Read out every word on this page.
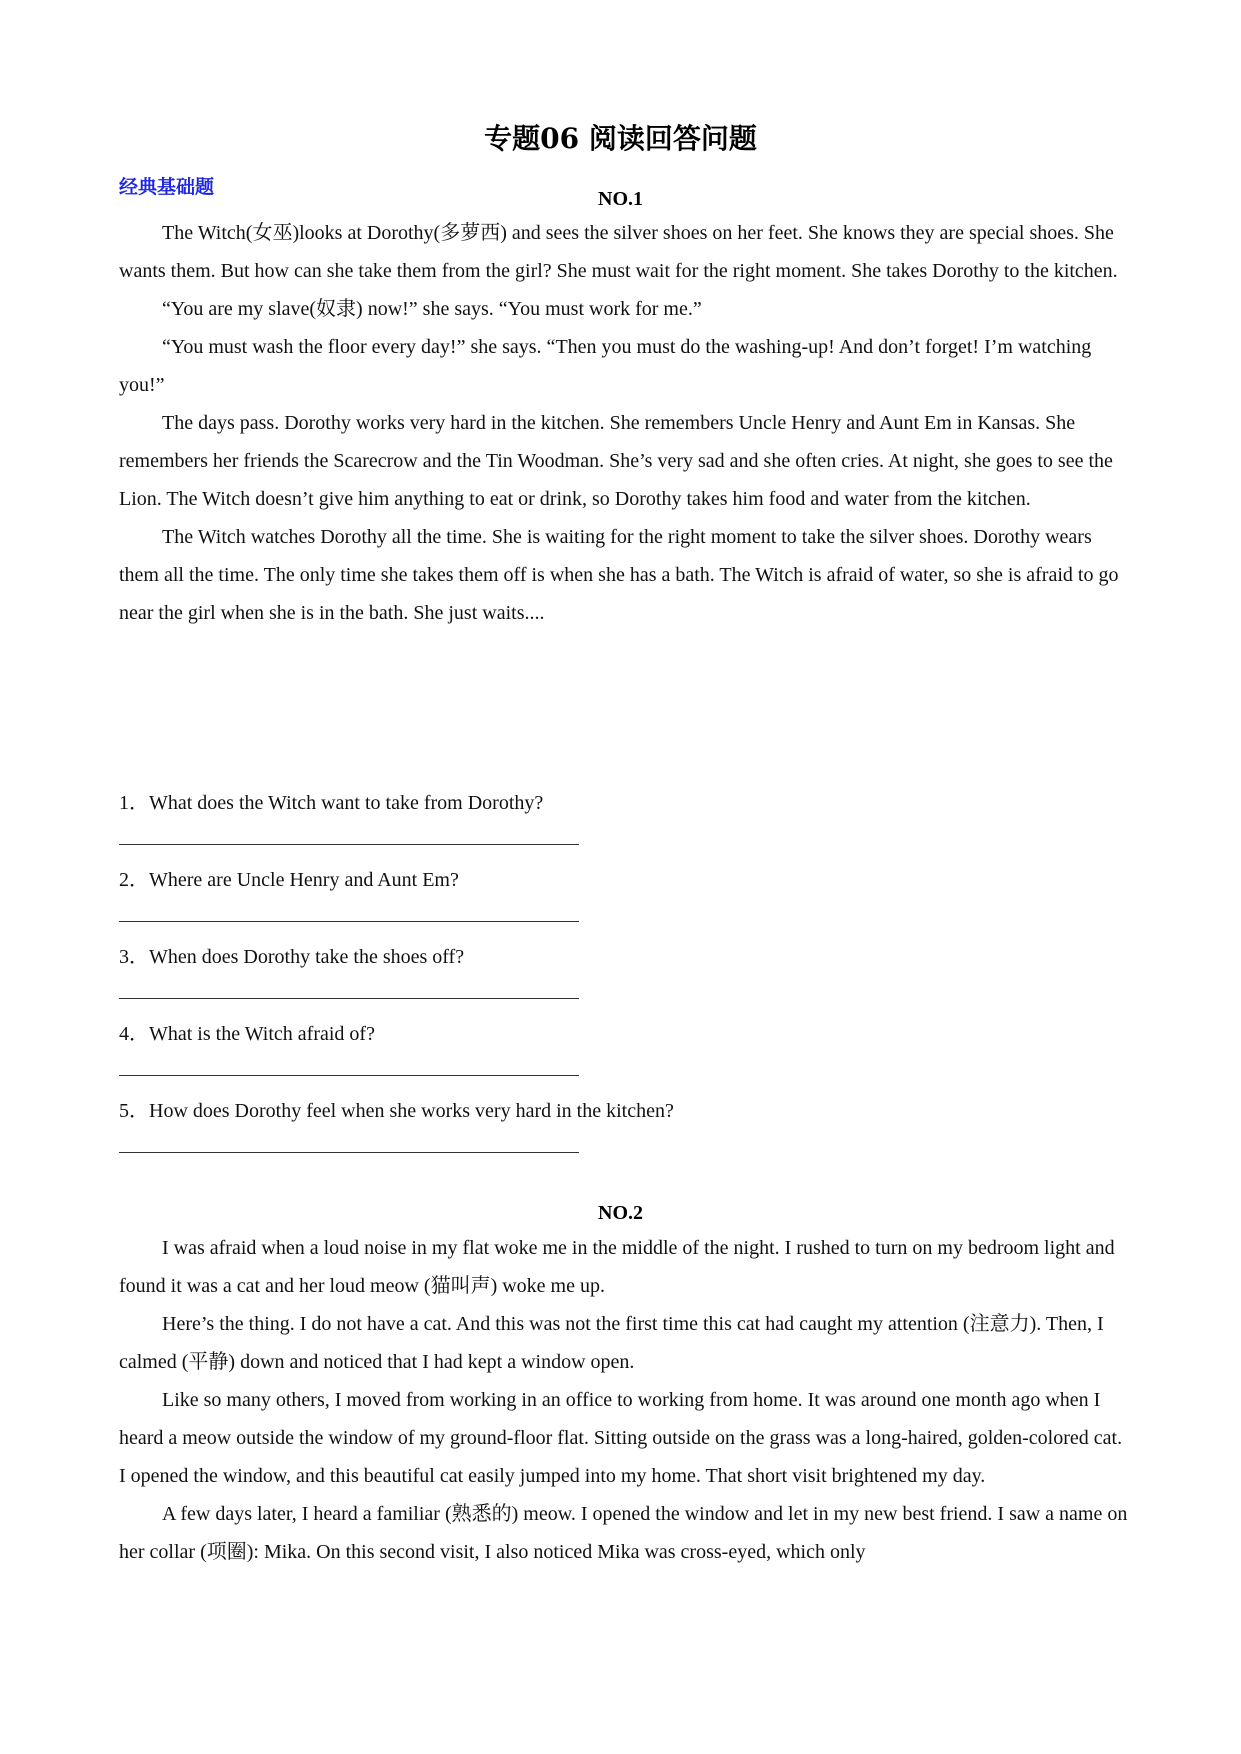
专题06 阅读回答问题
经典基础题
NO.1

The Witch(女巫)looks at Dorothy(多萝西) and sees the silver shoes on her feet. She knows they are special shoes. She wants them. But how can she take them from the girl? She must wait for the right moment. She takes Dorothy to the kitchen.

“You are my slave(奴隶) now!” she says. “You must work for me.”

“You must wash the floor every day!” she says. “Then you must do the washing-up! And don’t forget! I’m watching you!”

The days pass. Dorothy works very hard in the kitchen. She remembers Uncle Henry and Aunt Em in Kansas. She remembers her friends the Scarecrow and the Tin Woodman. She’s very sad and she often cries. At night, she goes to see the Lion. The Witch doesn’t give him anything to eat or drink, so Dorothy takes him food and water from the kitchen.

The Witch watches Dorothy all the time. She is waiting for the right moment to take the silver shoes. Dorothy wears them all the time. The only time she takes them off is when she has a bath. The Witch is afraid of water, so she is afraid to go near the girl when she is in the bath. She just waits....

1．What does the Witch want to take from Dorothy?
2．Where are Uncle Henry and Aunt Em?
3．When does Dorothy take the shoes off?
4．What is the Witch afraid of?
5．How does Dorothy feel when she works very hard in the kitchen?
NO.2

I was afraid when a loud noise in my flat woke me in the middle of the night. I rushed to turn on my bedroom light and found it was a cat and her loud meow (猫叫声) woke me up.

Here’s the thing. I do not have a cat. And this was not the first time this cat had caught my attention (注意力). Then, I calmed (平静) down and noticed that I had kept a window open.

Like so many others, I moved from working in an office to working from home. It was around one month ago when I heard a meow outside the window of my ground-floor flat. Sitting outside on the grass was a long-haired, golden-colored cat. I opened the window, and this beautiful cat easily jumped into my home. That short visit brightened my day.

A few days later, I heard a familiar (熟悉的) meow. I opened the window and let in my new best friend. I saw a name on her collar (项圈): Mika. On this second visit, I also noticed Mika was cross-eyed, which only
